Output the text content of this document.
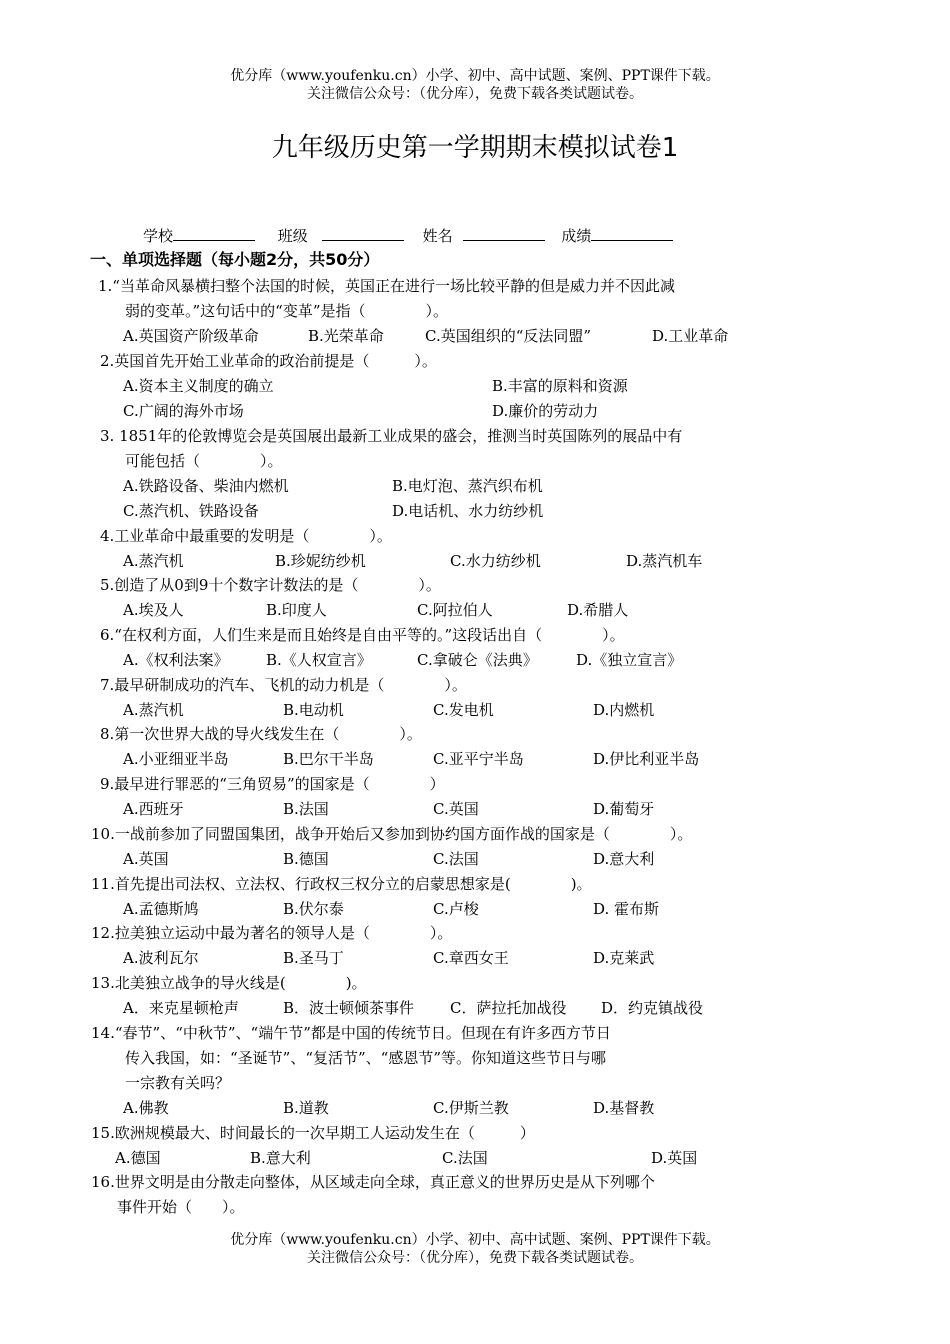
优分库（www.youfenku.cn）小学、初中、高中试题、案例、PPT课件下载。
关注微信公众号：（优分库），免费下载各类试题试卷。
九年级历史第一学期期末模拟试卷1
学校	班级	姓名	成绩
一、单项选择题（每小题2分，共50分）
1.“当革命风暴横扫整个法国的时候，英国正在进行一场比较平静的但是威力并不因此减
弱的变革。”这句话中的“变革”是指（　　　　）。
A.英国资产阶级革命	B.光荣革命	C.英国组织的“反法同盟”	D.工业革命
2.英国首先开始工业革命的政治前提是（　　　）。
A.资本主义制度的确立	B.丰富的原料和资源
C.广阔的海外市场	D.廉价的劳动力
3. 1851年的伦敦博览会是英国展出最新工业成果的盛会，推测当时英国陈列的展品中有
可能包括（　　　　）。
A.铁路设备、柴油内燃机	B.电灯泡、蒸汽织布机
C.蒸汽机、铁路设备	D.电话机、水力纺纱机
4.工业革命中最重要的发明是（　　　　）。
A.蒸汽机	B.珍妮纺纱机	C.水力纺纱机	D.蒸汽机车
5.创造了从0到9十个数字计数法的是（　　　　）。
A.埃及人	B.印度人	C.阿拉伯人	D.希腊人
6.“在权利方面，人们生来是而且始终是自由平等的。”这段话出自（　　　　）。
A.《权利法案》 B.《人权宣言》	C.拿破仑《法典》	D.《独立宣言》
7.最早研制成功的汽车、飞机的动力机是（　　　　）。
A.蒸汽机	B.电动机	C.发电机	D.内燃机
8.第一次世界大战的导火线发生在（　　　　）。
A.小亚细亚半岛	B.巴尔干半岛	C.亚平宁半岛	D.伊比利亚半岛
9.最早进行罪恶的“三角贸易”的国家是（　　　　）
A.西班牙	B.法国	C.英国	D.葡萄牙
10.一战前参加了同盟国集团，战争开始后又参加到协约国方面作战的国家是（　　　　）。
A.英国	B.德国	C.法国	D.意大利
11.首先提出司法权、立法权、行政权三权分立的启蒙思想家是(　　　　)。
A.孟德斯鸠	B.伏尔泰	C.卢梭	D. 霍布斯
12.拉美独立运动中最为著名的领导人是（　　　　）。
A.波利瓦尔	B.圣马丁	C.章西女王	D.克莱武
13.北美独立战争的导火线是(　　　　)。
A．来克星顿枪声	B．波士顿倾茶事件 C．萨拉托加战役 D．约克镇战役
14.“春节”、“中秋节”、“端午节”都是中国的传统节日。但现在有许多西方节日
传入我国，如：“圣诞节”、“复活节”、“感恩节”等。你知道这些节日与哪
一宗教有关吗？
A.佛教	B.道教	C.伊斯兰教	D.基督教
15.欧洲规模最大、时间最长的一次早期工人运动发生在（　　　）
A.德国	B.意大利	C.法国	D.英国
16.世界文明是由分散走向整体，从区域走向全球，真正意义的世界历史是从下列哪个
事件开始（　　）。
优分库（www.youfenku.cn）小学、初中、高中试题、案例、PPT课件下载。
关注微信公众号：（优分库），免费下载各类试题试卷。
